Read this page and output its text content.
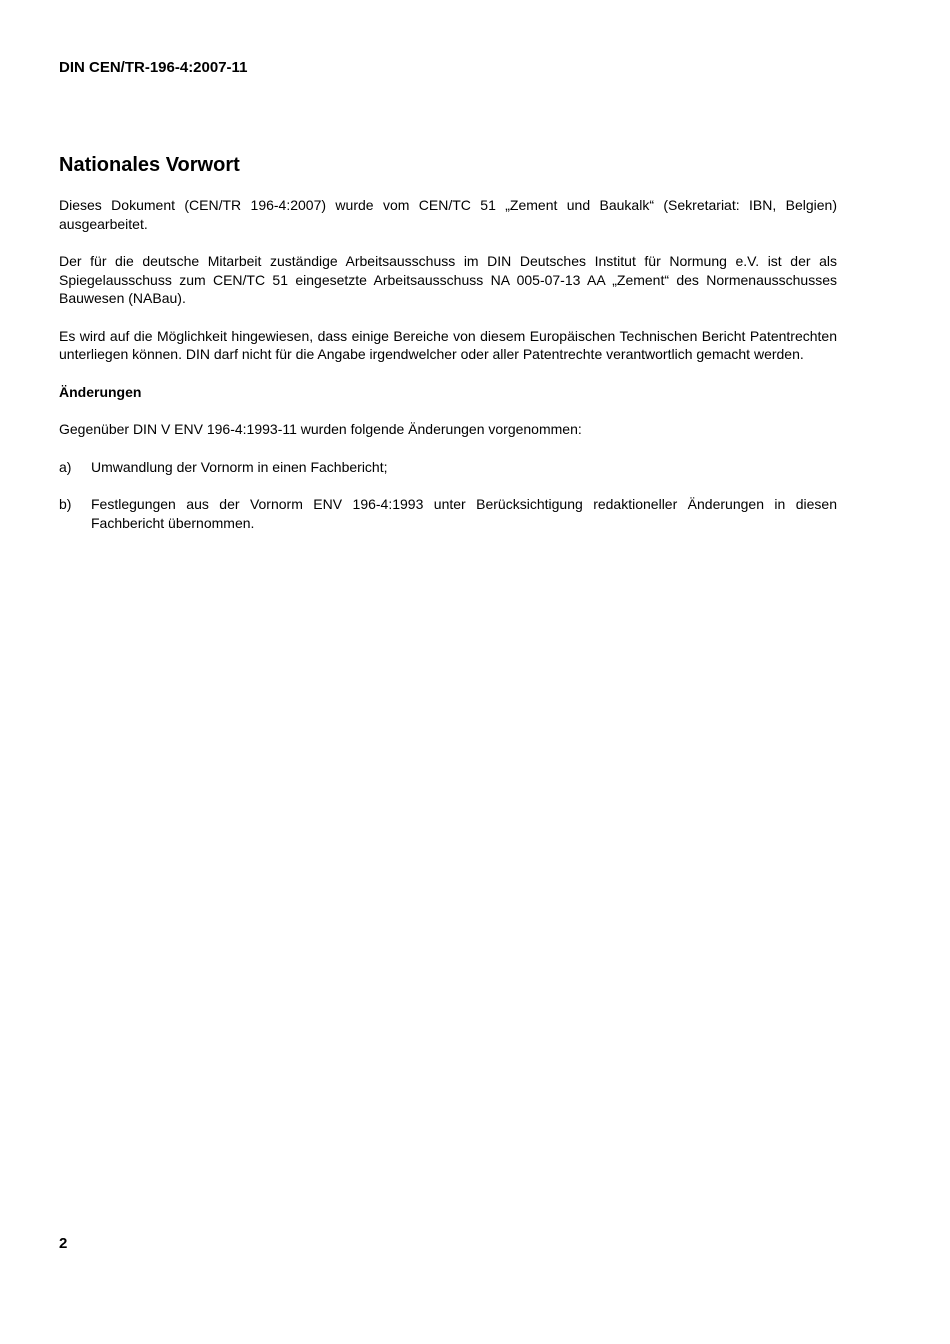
DIN CEN/TR-196-4:2007-11
Nationales Vorwort

Dieses Dokument (CEN/TR 196-4:2007) wurde vom CEN/TC 51 „Zement und Baukalk“ (Sekretariat: IBN, Belgien) ausgearbeitet.

Der für die deutsche Mitarbeit zuständige Arbeitsausschuss im DIN Deutsches Institut für Normung e.V. ist der als Spiegelausschuss zum CEN/TC 51 eingesetzte Arbeitsausschuss NA 005-07-13 AA „Zement“ des Normenausschusses Bauwesen (NABau).

Es wird auf die Möglichkeit hingewiesen, dass einige Bereiche von diesem Europäischen Technischen Bericht Patentrechten unterliegen können. DIN darf nicht für die Angabe irgendwelcher oder aller Patentrechte verantwortlich gemacht werden.

Änderungen

Gegenüber DIN V ENV 196-4:1993-11 wurden folgende Änderungen vorgenommen:

a)	Umwandlung der Vornorm in einen Fachbericht;
b)	Festlegungen aus der Vornorm ENV 196-4:1993 unter Berücksichtigung redaktioneller Änderungen in diesen Fachbericht übernommen.
2
